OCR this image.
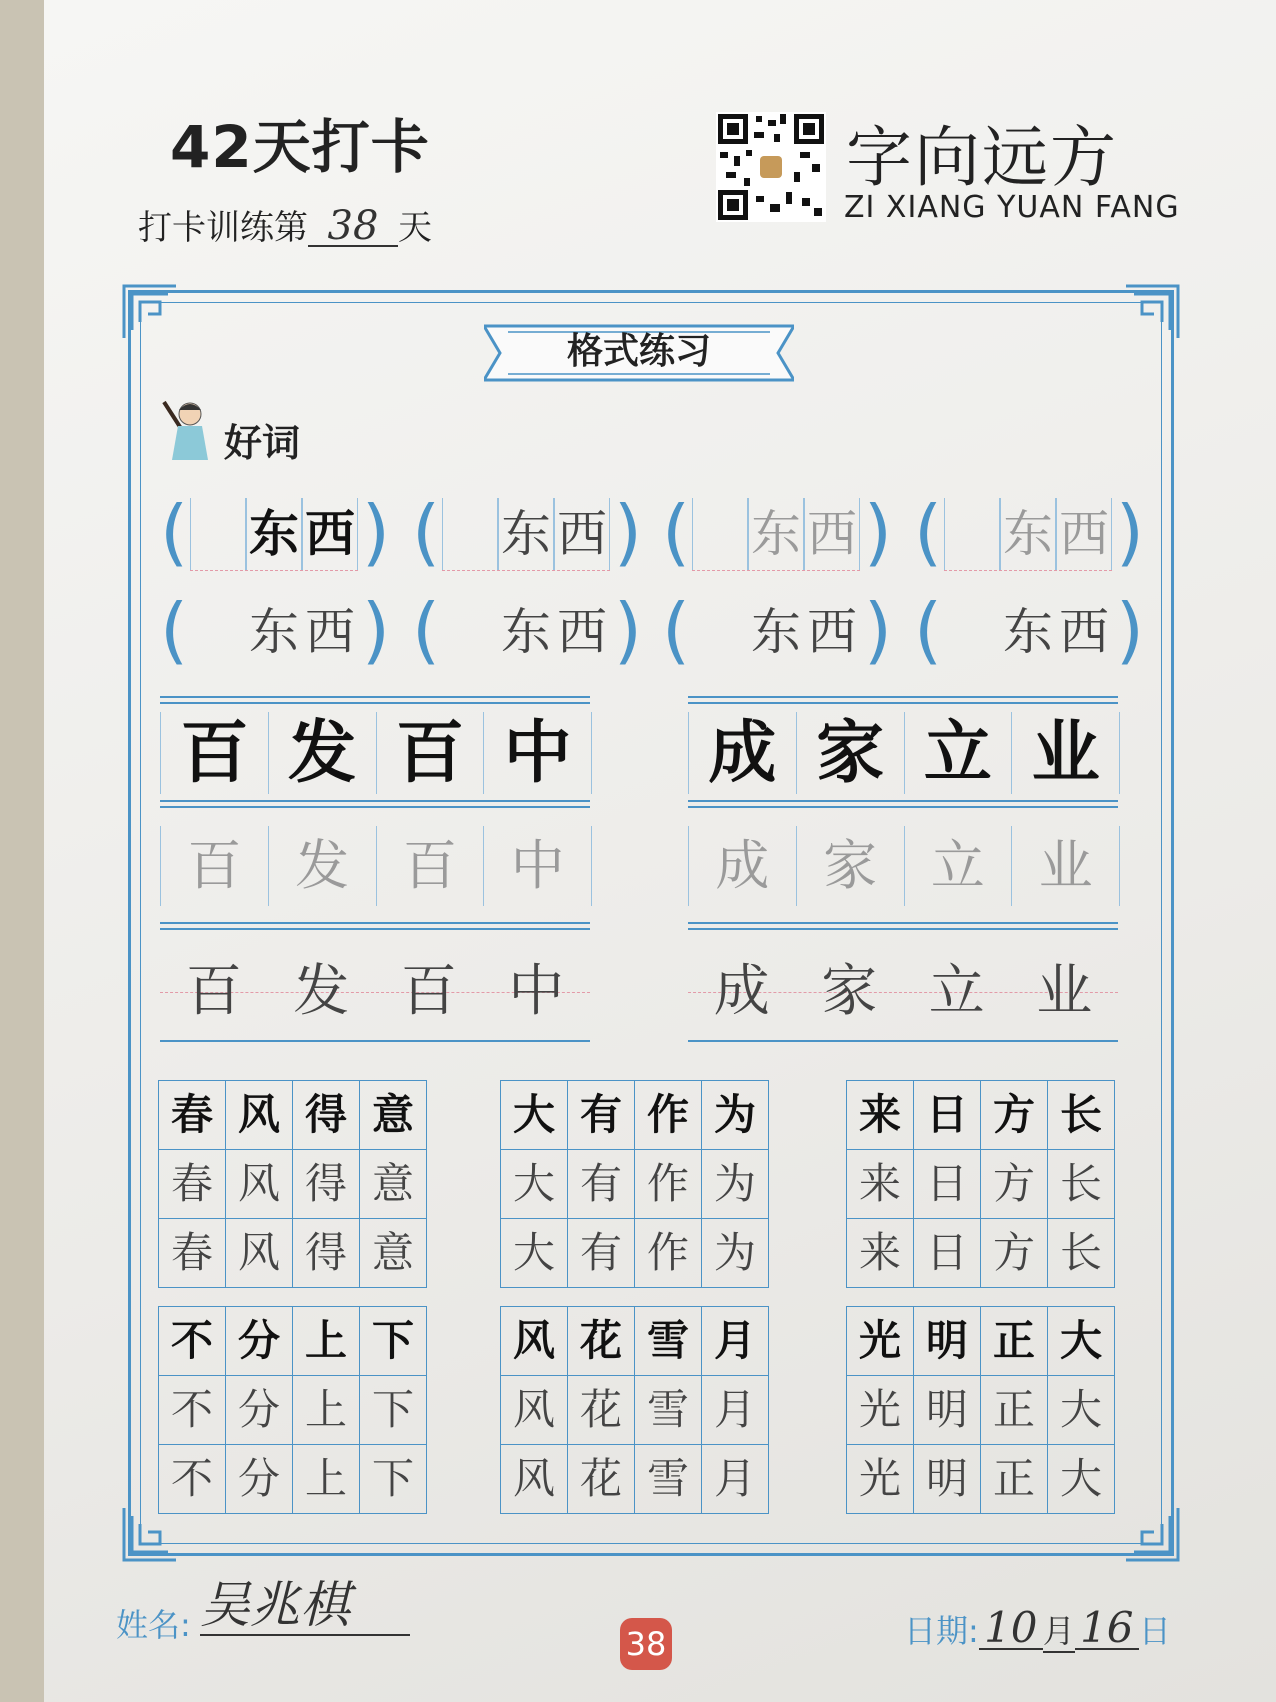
42天打卡
打卡训练第 38 天
字向远方
ZI XIANG YUAN FANG
格式练习
好词
( 东 西 ) ( 东 西 ) ( 东 西 ) ( 东 西 )
( 东 西 ) ( 东 西 ) ( 东 西 ) ( 东 西 )
百 发 百 中
百 发 百 中
百 发 百 中
成 家 立 业
成 家 立 业
成 家 立 业
春	风	得	意
春	风	得	意
春	风	得	意
大	有	作	为
大	有	作	为
大	有	作	为
来	日	方	长
来	日	方	长
来	日	方	长
不	分	上	下
不	分	上	下
不	分	上	下
风	花	雪	月
风	花	雪	月
风	花	雪	月
光	明	正	大
光	明	正	大
光	明	正	大
姓名: 吴兆棋
38	日期: 10 月 16 日
